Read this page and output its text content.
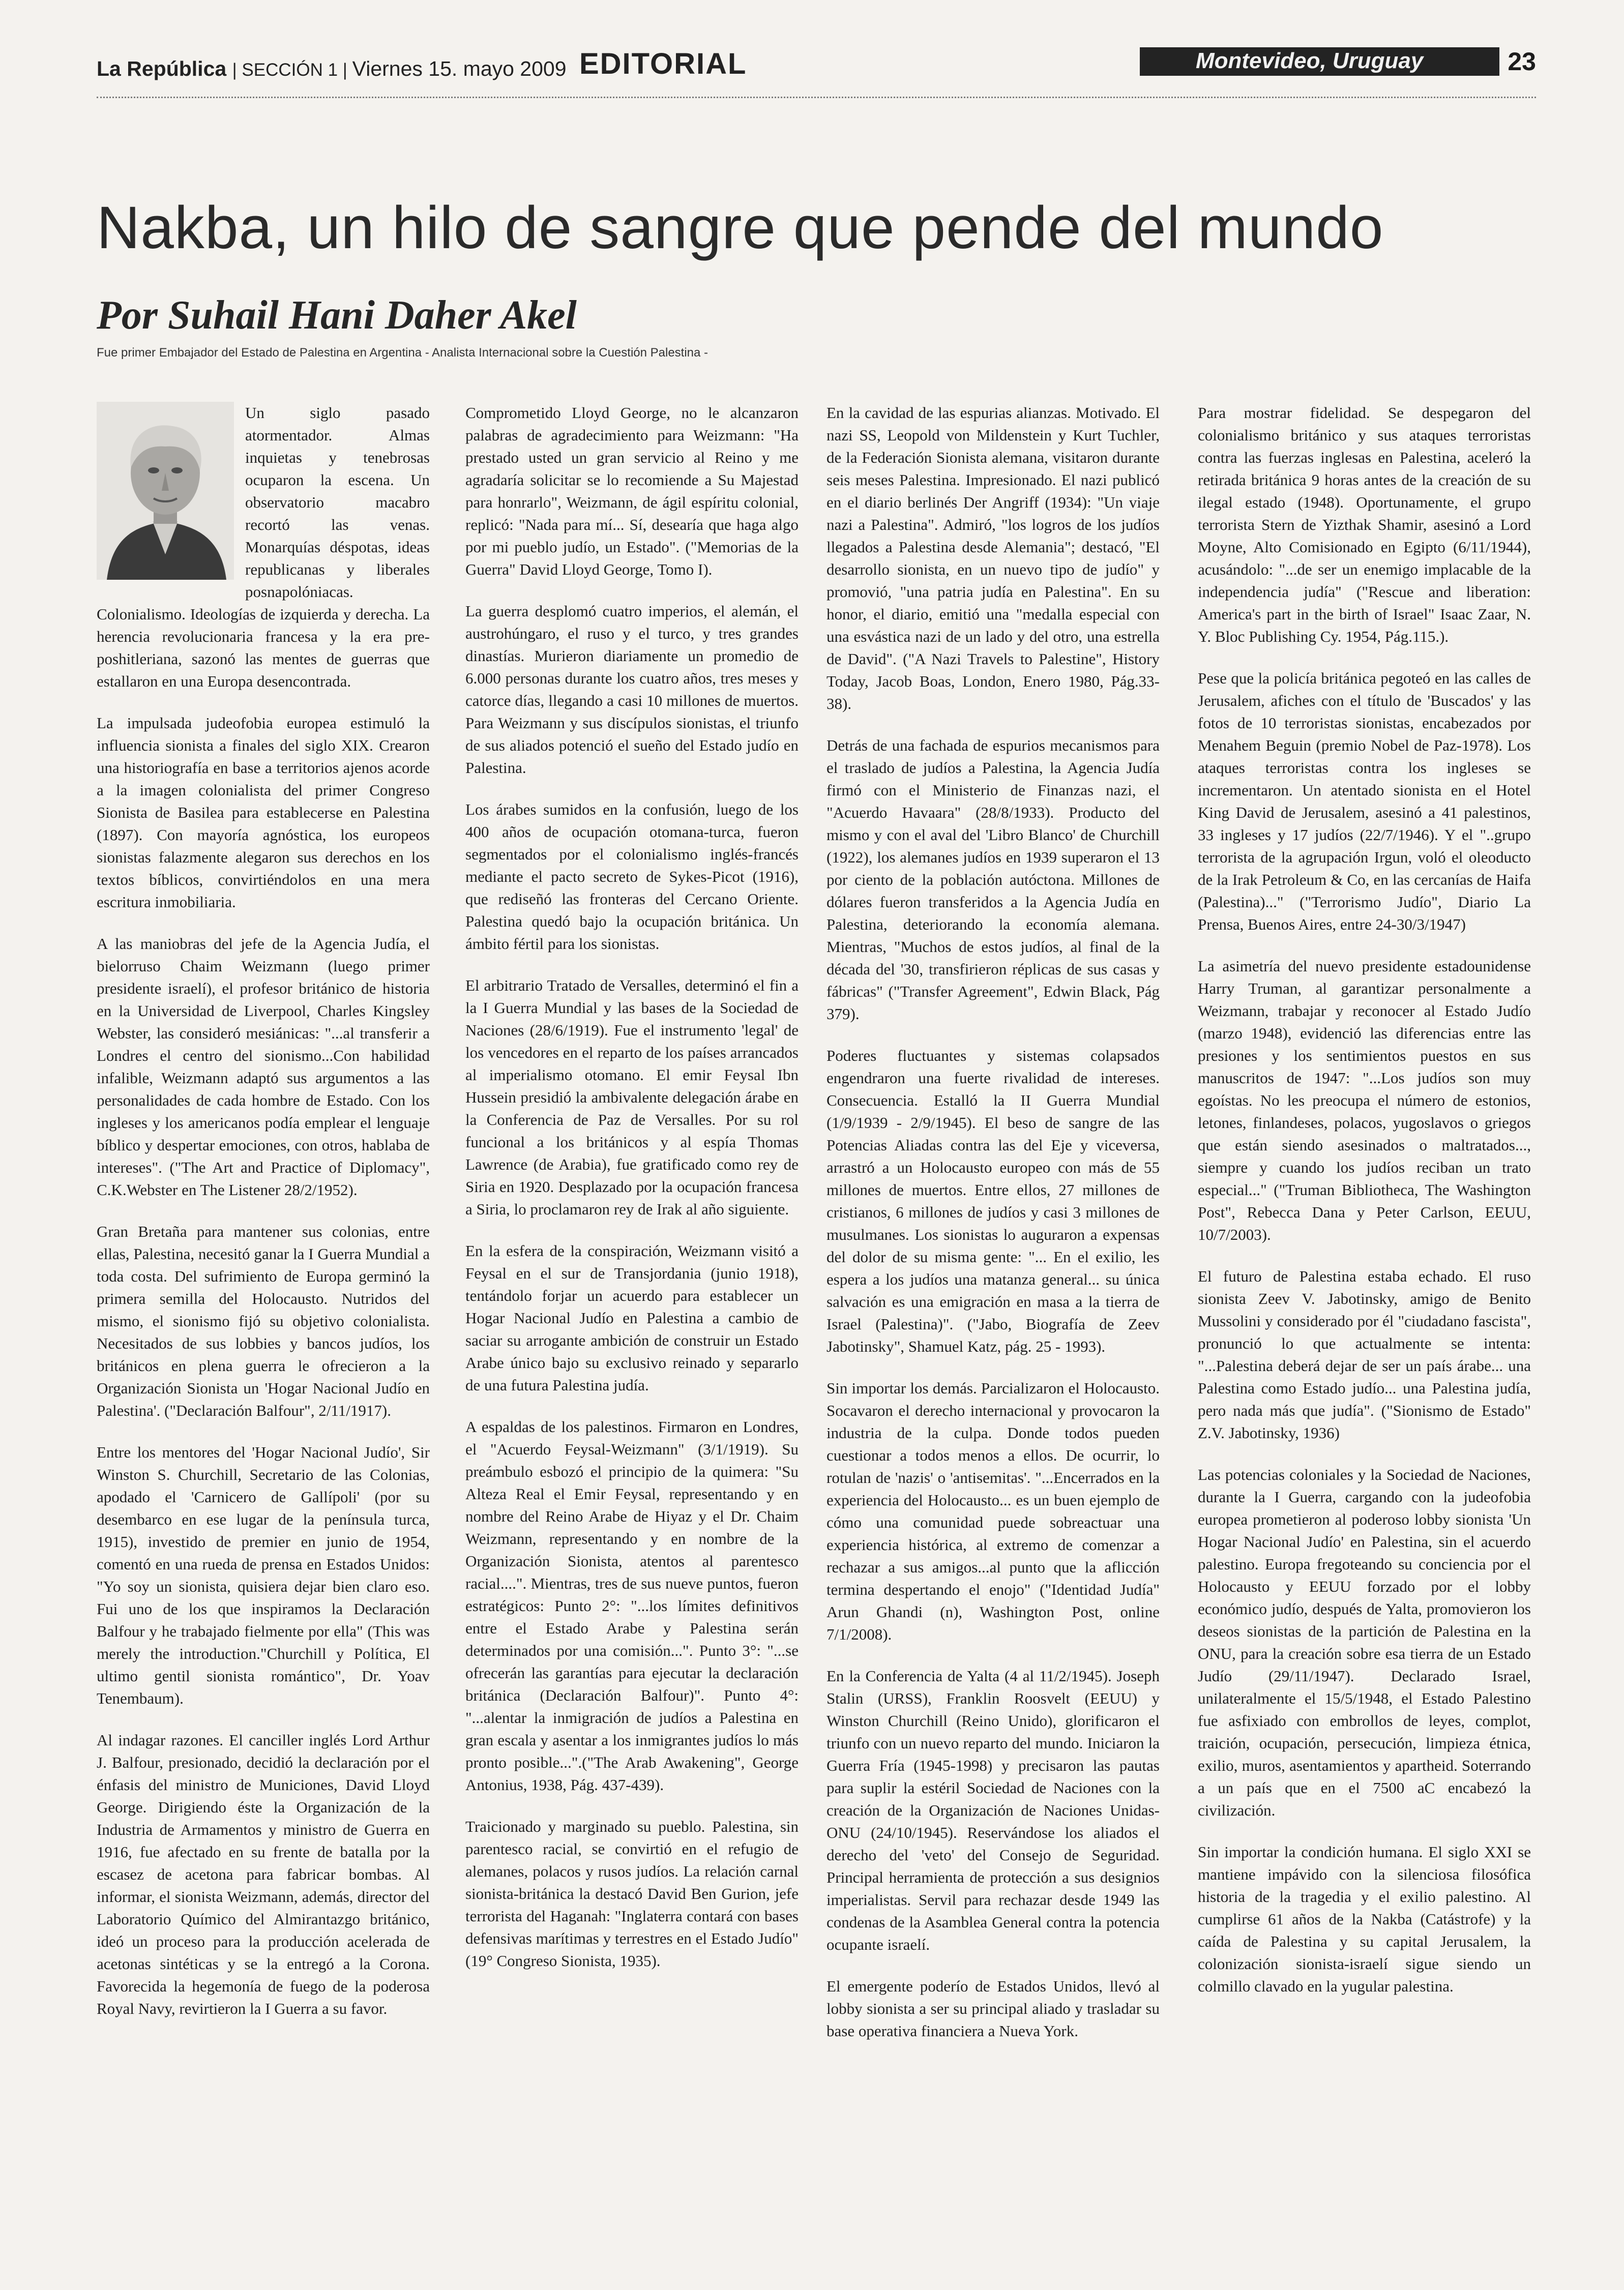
La República | SECCIÓN 1 | Viernes 15. mayo 2009 EDITORIAL	Montevideo, Uruguay	23
Nakba, un hilo de sangre que pende del mundo
Por Suhail Hani Daher Akel
Fue primer Embajador del Estado de Palestina en Argentina - Analista Internacional sobre la Cuestión Palestina -

Un siglo pasado atormentador. Almas inquietas y tenebrosas ocuparon la escena. Un observatorio macabro recortó las venas. Monarquías déspotas, ideas republicanas y liberales posnapolóniacas. Colonialismo. Ideologías de izquierda y derecha. La herencia revolucionaria francesa y la era pre-poshitleriana, sazonó las mentes de guerras que estallaron en una Europa desencontrada.

La impulsada judeofobia europea estimuló la influencia sionista a finales del siglo XIX. Crearon una historiografía en base a territorios ajenos acorde a la imagen colonialista del primer Congreso Sionista de Basilea para establecerse en Palestina (1897). Con mayoría agnóstica, los europeos sionistas falazmente alegaron sus derechos en los textos bíblicos, convirtiéndolos en una mera escritura inmobiliaria.

A las maniobras del jefe de la Agencia Judía, el bielorruso Chaim Weizmann (luego primer presidente israelí), el profesor británico de historia en la Universidad de Liverpool, Charles Kingsley Webster, las consideró mesiánicas: "...al transferir a Londres el centro del sionismo...Con habilidad infalible, Weizmann adaptó sus argumentos a las personalidades de cada hombre de Estado. Con los ingleses y los americanos podía emplear el lenguaje bíblico y despertar emociones, con otros, hablaba de intereses". ("The Art and Practice of Diplomacy", C.K.Webster en The Listener 28/2/1952).

Gran Bretaña para mantener sus colonias, entre ellas, Palestina, necesitó ganar la I Guerra Mundial a toda costa. Del sufrimiento de Europa germinó la primera semilla del Holocausto. Nutridos del mismo, el sionismo fijó su objetivo colonialista. Necesitados de sus lobbies y bancos judíos, los británicos en plena guerra le ofrecieron a la Organización Sionista un 'Hogar Nacional Judío en Palestina'. ("Declaración Balfour", 2/11/1917).

Entre los mentores del 'Hogar Nacional Judío', Sir Winston S. Churchill, Secretario de las Colonias, apodado el 'Carnicero de Gallípoli' (por su desembarco en ese lugar de la península turca, 1915), investido de premier en junio de 1954, comentó en una rueda de prensa en Estados Unidos: "Yo soy un sionista, quisiera dejar bien claro eso. Fui uno de los que inspiramos la Declaración Balfour y he trabajado fielmente por ella" (This was merely the introduction."Churchill y Política, El ultimo gentil sionista romántico", Dr. Yoav Tenembaum).

Al indagar razones. El canciller inglés Lord Arthur J. Balfour, presionado, decidió la declaración por el énfasis del ministro de Municiones, David Lloyd George. Dirigiendo éste la Organización de la Industria de Armamentos y ministro de Guerra en 1916, fue afectado en su frente de batalla por la escasez de acetona para fabricar bombas. Al informar, el sionista Weizmann, además, director del Laboratorio Químico del Almirantazgo británico, ideó un proceso para la producción acelerada de acetonas sintéticas y se la entregó a la Corona. Favorecida la hegemonía de fuego de la poderosa Royal Navy, revirtieron la I Guerra a su favor.

Comprometido Lloyd George, no le alcanzaron palabras de agradecimiento para Weizmann: "Ha prestado usted un gran servicio al Reino y me agradaría solicitar se lo recomiende a Su Majestad para honrarlo", Weizmann, de ágil espíritu colonial, replicó: "Nada para mí... Sí, desearía que haga algo por mi pueblo judío, un Estado". ("Memorias de la Guerra" David Lloyd George, Tomo I).

La guerra desplomó cuatro imperios, el alemán, el austrohúngaro, el ruso y el turco, y tres grandes dinastías. Murieron diariamente un promedio de 6.000 personas durante los cuatro años, tres meses y catorce días, llegando a casi 10 millones de muertos. Para Weizmann y sus discípulos sionistas, el triunfo de sus aliados potenció el sueño del Estado judío en Palestina.

Los árabes sumidos en la confusión, luego de los 400 años de ocupación otomana-turca, fueron segmentados por el colonialismo inglés-francés mediante el pacto secreto de Sykes-Picot (1916), que rediseñó las fronteras del Cercano Oriente. Palestina quedó bajo la ocupación británica. Un ámbito fértil para los sionistas.

El arbitrario Tratado de Versalles, determinó el fin a la I Guerra Mundial y las bases de la Sociedad de Naciones (28/6/1919). Fue el instrumento 'legal' de los vencedores en el reparto de los países arrancados al imperialismo otomano. El emir Feysal Ibn Hussein presidió la ambivalente delegación árabe en la Conferencia de Paz de Versalles. Por su rol funcional a los británicos y al espía Thomas Lawrence (de Arabia), fue gratificado como rey de Siria en 1920. Desplazado por la ocupación francesa a Siria, lo proclamaron rey de Irak al año siguiente.

En la esfera de la conspiración, Weizmann visitó a Feysal en el sur de Transjordania (junio 1918), tentándolo forjar un acuerdo para establecer un Hogar Nacional Judío en Palestina a cambio de saciar su arrogante ambición de construir un Estado Arabe único bajo su exclusivo reinado y separarlo de una futura Palestina judía.

A espaldas de los palestinos. Firmaron en Londres, el "Acuerdo Feysal-Weizmann" (3/1/1919). Su preámbulo esbozó el principio de la quimera: "Su Alteza Real el Emir Feysal, representando y en nombre del Reino Arabe de Hiyaz y el Dr. Chaim Weizmann, representando y en nombre de la Organización Sionista, atentos al parentesco racial....". Mientras, tres de sus nueve puntos, fueron estratégicos: Punto 2°: "...los límites definitivos entre el Estado Arabe y Palestina serán determinados por una comisión...". Punto 3°: "...se ofrecerán las garantías para ejecutar la declaración británica (Declaración Balfour)". Punto 4°: "...alentar la inmigración de judíos a Palestina en gran escala y asentar a los inmigrantes judíos lo más pronto posible...".("The Arab Awakening", George Antonius, 1938, Pág. 437-439).

Traicionado y marginado su pueblo. Palestina, sin parentesco racial, se convirtió en el refugio de alemanes, polacos y rusos judíos. La relación carnal sionista-británica la destacó David Ben Gurion, jefe terrorista del Haganah: "Inglaterra contará con bases defensivas marítimas y terrestres en el Estado Judío" (19° Congreso Sionista, 1935).

En la cavidad de las espurias alianzas. Motivado. El nazi SS, Leopold von Mildenstein y Kurt Tuchler, de la Federación Sionista alemana, visitaron durante seis meses Palestina. Impresionado. El nazi publicó en el diario berlinés Der Angriff (1934): "Un viaje nazi a Palestina". Admiró, "los logros de los judíos llegados a Palestina desde Alemania"; destacó, "El desarrollo sionista, en un nuevo tipo de judío" y promovió, "una patria judía en Palestina". En su honor, el diario, emitió una "medalla especial con una esvástica nazi de un lado y del otro, una estrella de David". ("A Nazi Travels to Palestine", History Today, Jacob Boas, London, Enero 1980, Pág.33-38).

Detrás de una fachada de espurios mecanismos para el traslado de judíos a Palestina, la Agencia Judía firmó con el Ministerio de Finanzas nazi, el "Acuerdo Havaara" (28/8/1933). Producto del mismo y con el aval del 'Libro Blanco' de Churchill (1922), los alemanes judíos en 1939 superaron el 13 por ciento de la población autóctona. Millones de dólares fueron transferidos a la Agencia Judía en Palestina, deteriorando la economía alemana. Mientras, "Muchos de estos judíos, al final de la década del '30, transfirieron réplicas de sus casas y fábricas" ("Transfer Agreement", Edwin Black, Pág 379).

Poderes fluctuantes y sistemas colapsados engendraron una fuerte rivalidad de intereses. Consecuencia. Estalló la II Guerra Mundial (1/9/1939 - 2/9/1945). El beso de sangre de las Potencias Aliadas contra las del Eje y viceversa, arrastró a un Holocausto europeo con más de 55 millones de muertos. Entre ellos, 27 millones de cristianos, 6 millones de judíos y casi 3 millones de musulmanes. Los sionistas lo auguraron a expensas del dolor de su misma gente: "... En el exilio, les espera a los judíos una matanza general... su única salvación es una emigración en masa a la tierra de Israel (Palestina)". ("Jabo, Biografía de Zeev Jabotinsky", Shamuel Katz, pág. 25 - 1993).

Sin importar los demás. Parcializaron el Holocausto. Socavaron el derecho internacional y provocaron la industria de la culpa. Donde todos pueden cuestionar a todos menos a ellos. De ocurrir, lo rotulan de 'nazis' o 'antisemitas'. "...Encerrados en la experiencia del Holocausto... es un buen ejemplo de cómo una comunidad puede sobreactuar una experiencia histórica, al extremo de comenzar a rechazar a sus amigos...al punto que la aflicción termina despertando el enojo" ("Identidad Judía" Arun Ghandi (n), Washington Post, online 7/1/2008).

En la Conferencia de Yalta (4 al 11/2/1945). Joseph Stalin (URSS), Franklin Roosvelt (EEUU) y Winston Churchill (Reino Unido), glorificaron el triunfo con un nuevo reparto del mundo. Iniciaron la Guerra Fría (1945-1998) y precisaron las pautas para suplir la estéril Sociedad de Naciones con la creación de la Organización de Naciones Unidas-ONU (24/10/1945). Reservándose los aliados el derecho del 'veto' del Consejo de Seguridad. Principal herramienta de protección a sus designios imperialistas. Servil para rechazar desde 1949 las condenas de la Asamblea General contra la potencia ocupante israelí.

El emergente poderío de Estados Unidos, llevó al lobby sionista a ser su principal aliado y trasladar su base operativa financiera a Nueva York.

Para mostrar fidelidad. Se despegaron del colonialismo británico y sus ataques terroristas contra las fuerzas inglesas en Palestina, aceleró la retirada británica 9 horas antes de la creación de su ilegal estado (1948). Oportunamente, el grupo terrorista Stern de Yizthak Shamir, asesinó a Lord Moyne, Alto Comisionado en Egipto (6/11/1944), acusándolo: "...de ser un enemigo implacable de la independencia judía" ("Rescue and liberation: America's part in the birth of Israel" Isaac Zaar, N. Y. Bloc Publishing Cy. 1954, Pág.115.).

Pese que la policía británica pegoteó en las calles de Jerusalem, afiches con el título de 'Buscados' y las fotos de 10 terroristas sionistas, encabezados por Menahem Beguin (premio Nobel de Paz-1978). Los ataques terroristas contra los ingleses se incrementaron. Un atentado sionista en el Hotel King David de Jerusalem, asesinó a 41 palestinos, 33 ingleses y 17 judíos (22/7/1946). Y el "..grupo terrorista de la agrupación Irgun, voló el oleoducto de la Irak Petroleum & Co, en las cercanías de Haifa (Palestina)..." ("Terrorismo Judío", Diario La Prensa, Buenos Aires, entre 24-30/3/1947)

La asimetría del nuevo presidente estadounidense Harry Truman, al garantizar personalmente a Weizmann, trabajar y reconocer al Estado Judío (marzo 1948), evidenció las diferencias entre las presiones y los sentimientos puestos en sus manuscritos de 1947: "...Los judíos son muy egoístas. No les preocupa el número de estonios, letones, finlandeses, polacos, yugoslavos o griegos que están siendo asesinados o maltratados..., siempre y cuando los judíos reciban un trato especial..." ("Truman Bibliotheca, The Washington Post", Rebecca Dana y Peter Carlson, EEUU, 10/7/2003).

El futuro de Palestina estaba echado. El ruso sionista Zeev V. Jabotinsky, amigo de Benito Mussolini y considerado por él "ciudadano fascista", pronunció lo que actualmente se intenta: "...Palestina deberá dejar de ser un país árabe... una Palestina como Estado judío... una Palestina judía, pero nada más que judía". ("Sionismo de Estado" Z.V. Jabotinsky, 1936)

Las potencias coloniales y la Sociedad de Naciones, durante la I Guerra, cargando con la judeofobia europea prometieron al poderoso lobby sionista 'Un Hogar Nacional Judío' en Palestina, sin el acuerdo palestino. Europa fregoteando su conciencia por el Holocausto y EEUU forzado por el lobby económico judío, después de Yalta, promovieron los deseos sionistas de la partición de Palestina en la ONU, para la creación sobre esa tierra de un Estado Judío (29/11/1947). Declarado Israel, unilateralmente el 15/5/1948, el Estado Palestino fue asfixiado con embrollos de leyes, complot, traición, ocupación, persecución, limpieza étnica, exilio, muros, asentamientos y apartheid. Soterrando a un país que en el 7500 aC encabezó la civilización.

Sin importar la condición humana. El siglo XXI se mantiene impávido con la silenciosa filosófica historia de la tragedia y el exilio palestino. Al cumplirse 61 años de la Nakba (Catástrofe) y la caída de Palestina y su capital Jerusalem, la colonización sionista-israelí sigue siendo un colmillo clavado en la yugular palestina.
